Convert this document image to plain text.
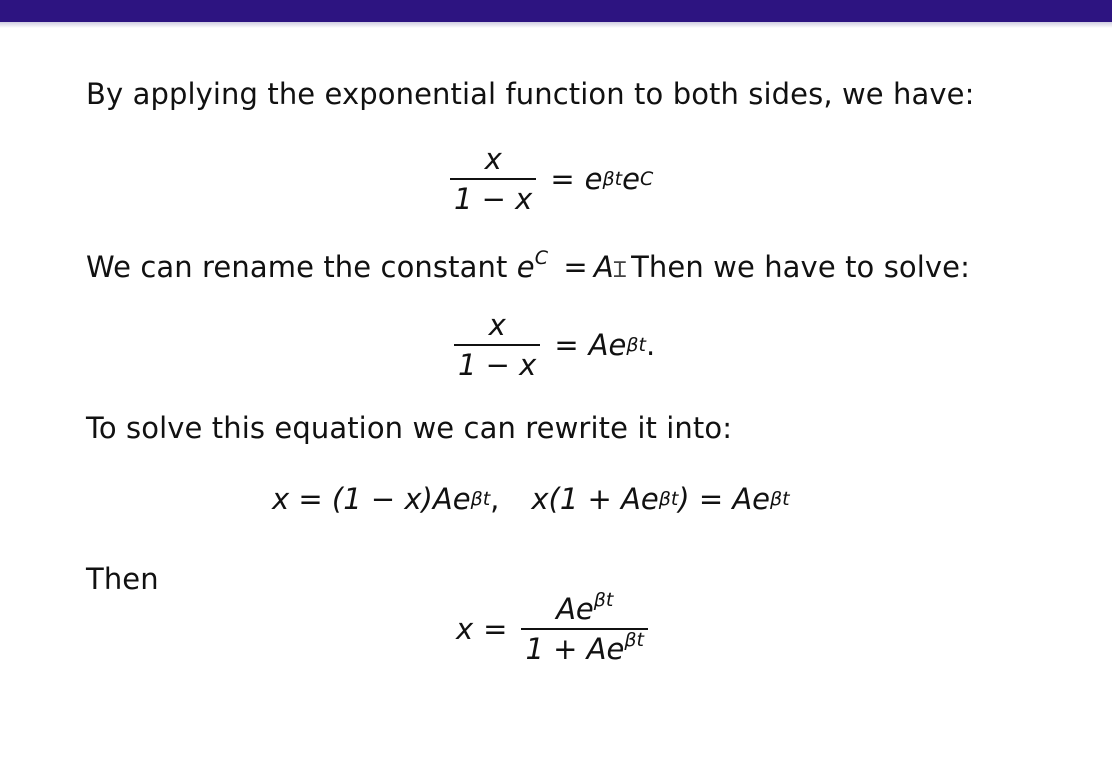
By applying the exponential function to both sides, we have:
$\frac{x}{1 - x} = e$ βt e C
We can rename the constant $e^C$ = AꞮ Then we have to solve:
$\frac{x}{1 - x} = Ae$ βt .
To solve this equation we can rewrite it into:
x = (1 − x)Ae βt , x(1 + Ae βt ) = Ae βt
Then
$x = \frac{Ae^{\beta t}}{1 + Ae^{\beta t}}$
